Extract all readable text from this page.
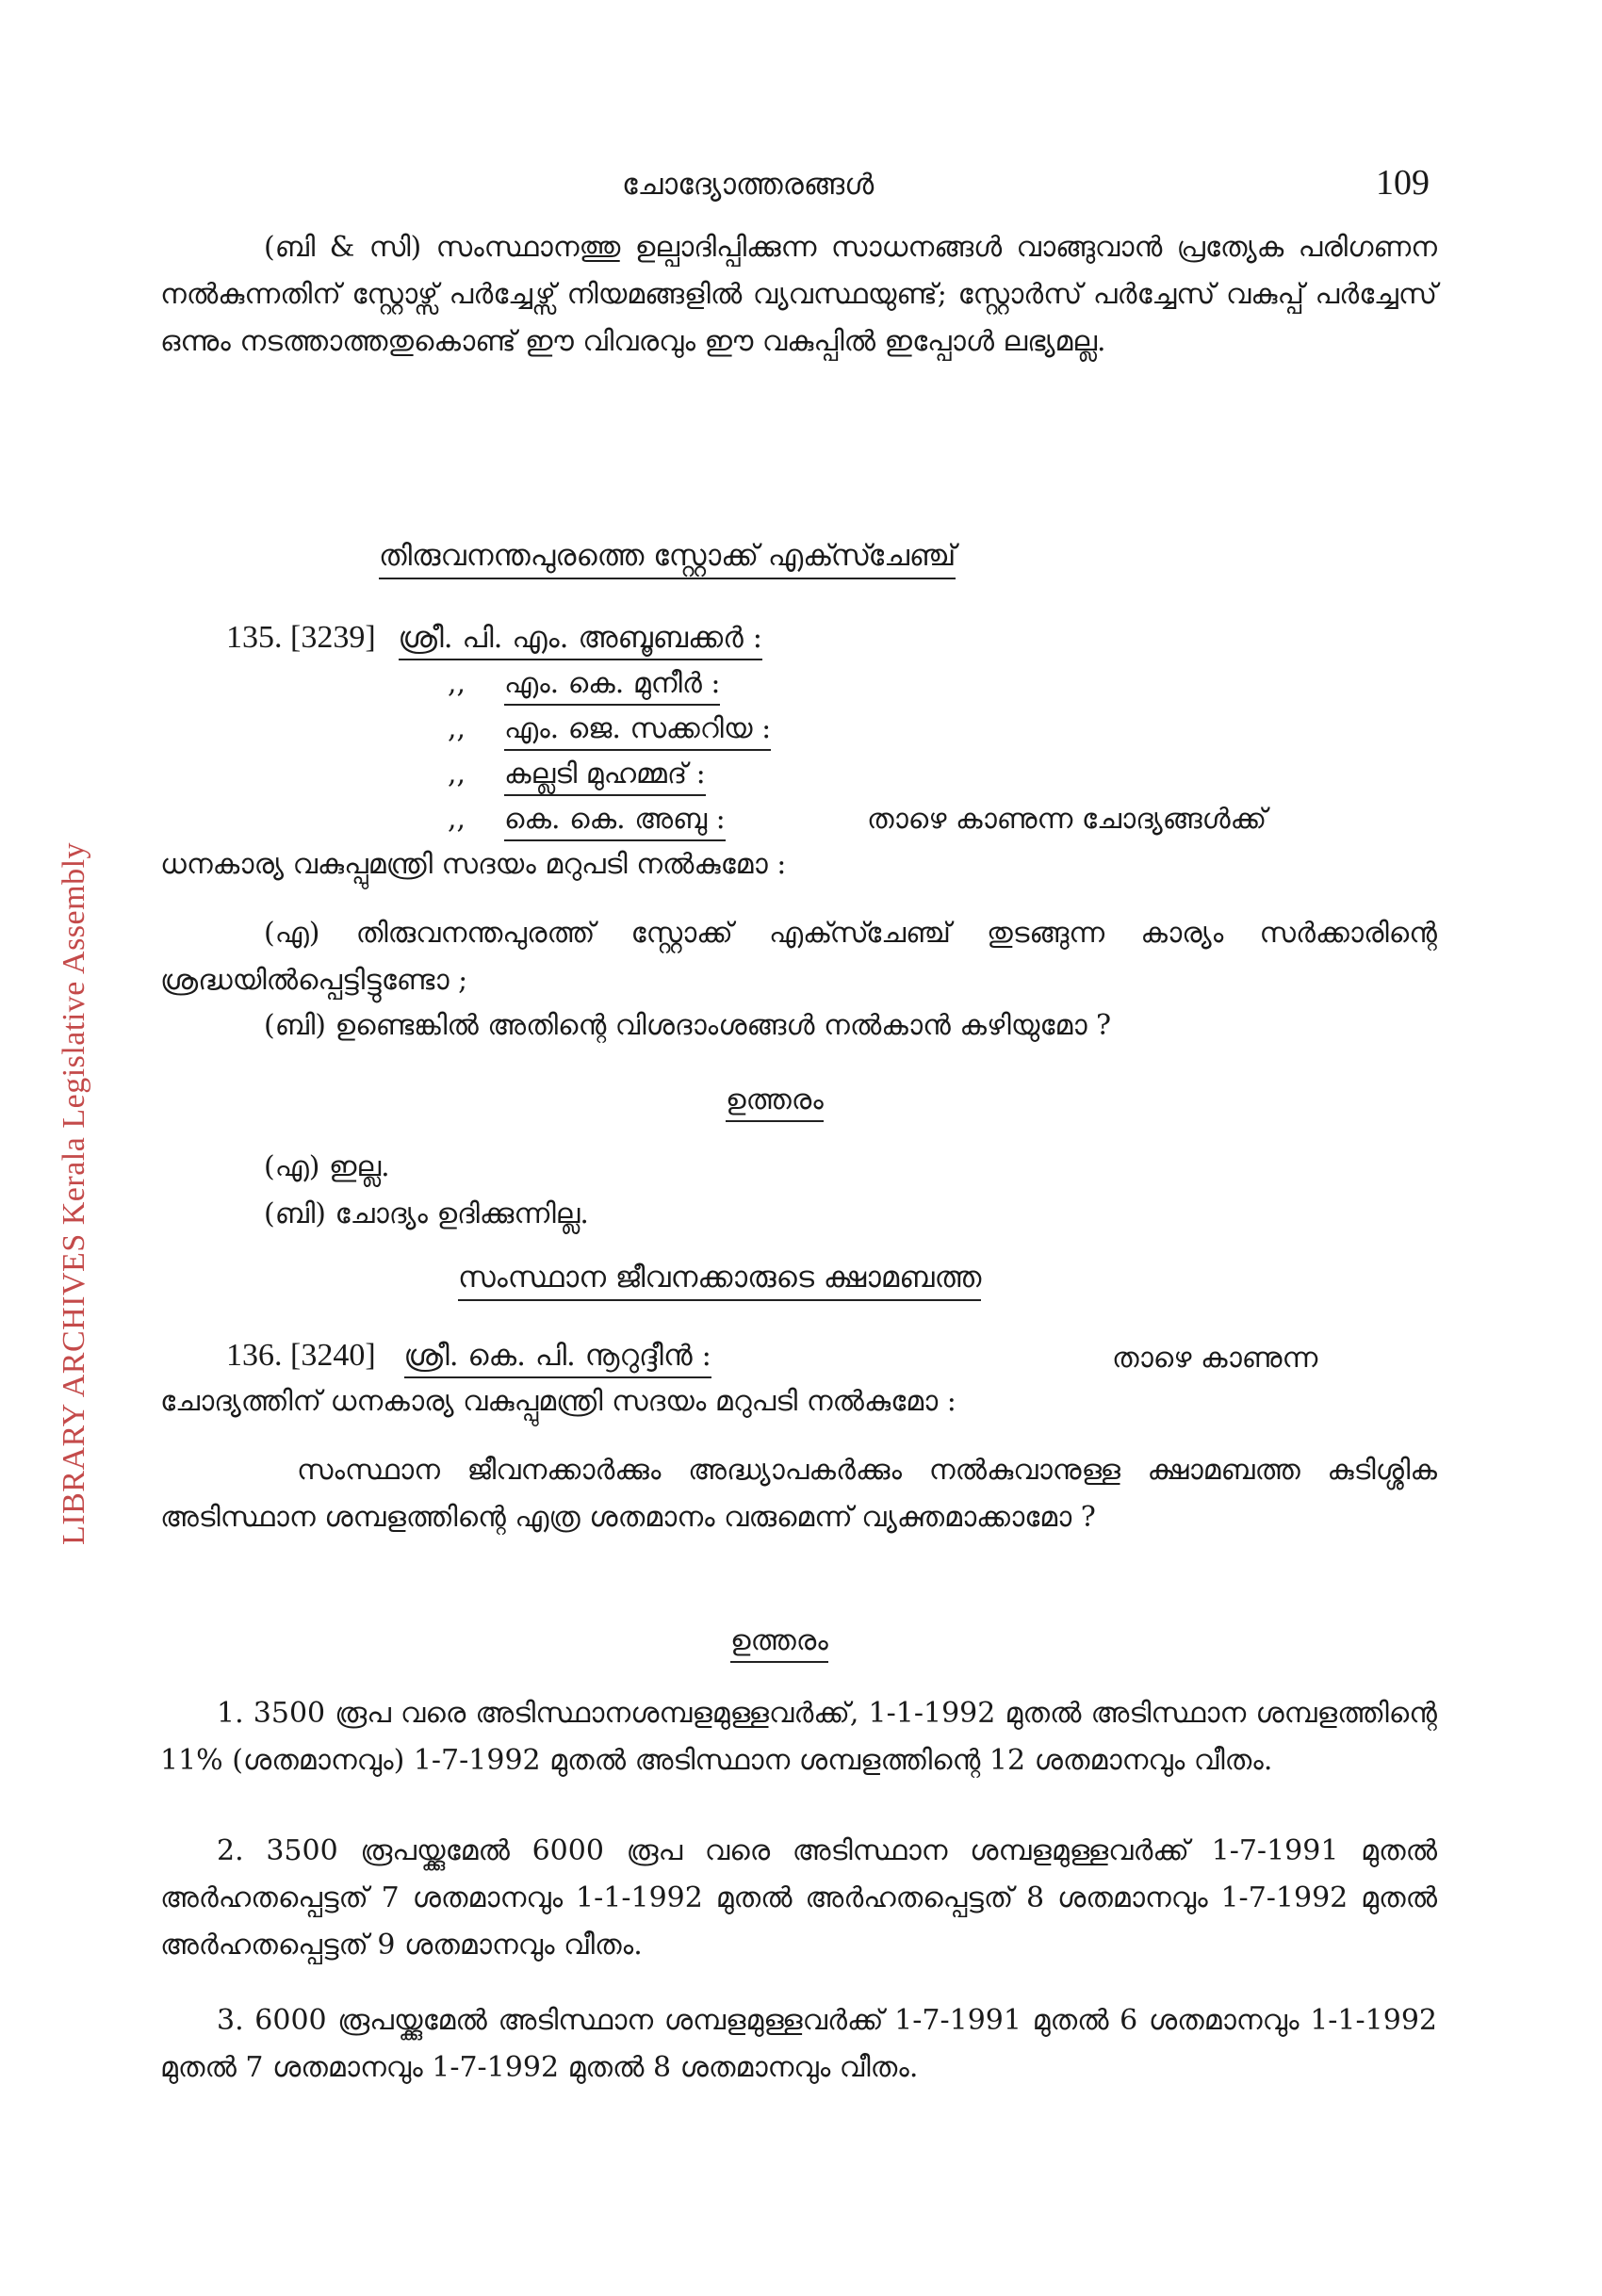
LIBRARY ARCHIVES Kerala Legislative Assembly
ചോദ്യോത്തരങ്ങൾ	109

(ബി & സി) സംസ്ഥാനത്തു ഉല്പാദിപ്പിക്കുന്ന സാധനങ്ങൾ വാങ്ങുവാൻ പ്രത്യേക പരിഗണന നൽകുന്നതിന് സ്റ്റോഴ്സ് പർച്ചേഴ്സ് നിയമങ്ങളിൽ വ്യവസ്ഥയുണ്ട്; സ്റ്റോർസ് പർച്ചേസ് വകുപ്പ് പർച്ചേസ് ഒന്നും നടത്താത്തതുകൊണ്ട് ഈ വിവരവും ഈ വകുപ്പിൽ ഇപ്പോൾ ലഭ്യമല്ല.

തിരുവനന്തപുരത്തെ സ്റ്റോക്ക് എക്സ്ചേഞ്ച്
135. [3239] ശ്രീ. പി. എം. അബൂബക്കർ :
,, എം. കെ. മുനീർ :
,, എം. ജെ. സക്കറിയ :
,, കല്ലടി മുഹമ്മദ് :
,, കെ. കെ. അബു :	താഴെ കാണുന്ന ചോദ്യങ്ങൾക്ക്
ധനകാര്യ വകുപ്പുമന്ത്രി സദയം മറുപടി നൽകുമോ :

(എ) തിരുവനന്തപുരത്ത് സ്റ്റോക്ക് എക്സ്ചേഞ്ച് തുടങ്ങുന്ന കാര്യം സർക്കാരിന്റെ ശ്രദ്ധയിൽപ്പെട്ടിട്ടുണ്ടോ ;

(ബി) ഉണ്ടെങ്കിൽ അതിന്റെ വിശദാംശങ്ങൾ നൽകാൻ കഴിയുമോ ?

ഉത്തരം
(എ) ഇല്ല.
(ബി) ചോദ്യം ഉദിക്കുന്നില്ല.
സംസ്ഥാന ജീവനക്കാരുടെ ക്ഷാമബത്ത
136. [3240] ശ്രീ. കെ. പി. നൂറുദ്ദീൻ :	താഴെ കാണുന്ന
ചോദ്യത്തിന് ധനകാര്യ വകുപ്പുമന്ത്രി സദയം മറുപടി നൽകുമോ :

സംസ്ഥാന ജീവനക്കാർക്കും അദ്ധ്യാപകർക്കും നൽകുവാനുള്ള ക്ഷാമബത്ത കുടിശ്ശിക അടിസ്ഥാന ശമ്പളത്തിന്റെ എത്ര ശതമാനം വരുമെന്ന് വ്യക്തമാക്കാമോ ?

ഉത്തരം

1. 3500 രൂപ വരെ അടിസ്ഥാനശമ്പളമുള്ളവർക്ക്, 1-1-1992 മുതൽ അടിസ്ഥാന ശമ്പളത്തിന്റെ 11% (ശതമാനവും) 1-7-1992 മുതൽ അടിസ്ഥാന ശമ്പളത്തിന്റെ 12 ശതമാനവും വീതം.

2. 3500 രൂപയ്ക്കുമേൽ 6000 രൂപ വരെ അടിസ്ഥാന ശമ്പളമുള്ളവർക്ക് 1-7-1991 മുതൽ അർഹതപ്പെട്ടത് 7 ശതമാനവും 1-1-1992 മുതൽ അർഹതപ്പെട്ടത് 8 ശതമാനവും 1-7-1992 മുതൽ അർഹതപ്പെട്ടത് 9 ശതമാനവും വീതം.

3. 6000 രൂപയ്ക്കുമേൽ അടിസ്ഥാന ശമ്പളമുള്ളവർക്ക് 1-7-1991 മുതൽ 6 ശതമാനവും 1-1-1992 മുതൽ 7 ശതമാനവും 1-7-1992 മുതൽ 8 ശതമാനവും വീതം.
